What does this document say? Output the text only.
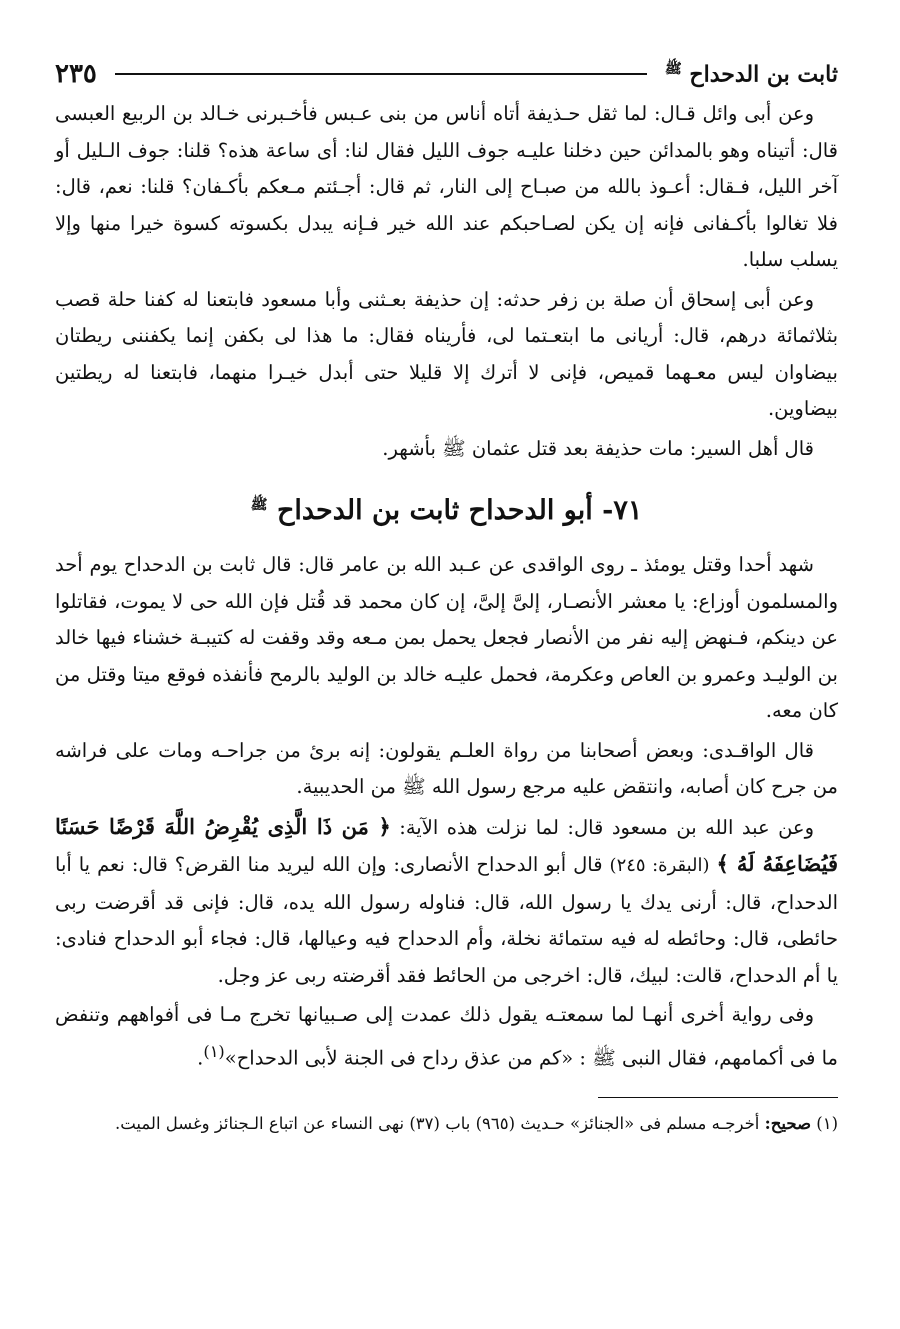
ثابت بن الدحداح $^ﷺ$
٢٣٥

وعن أبى وائل قـال: لما ثقل حـذيفة أتاه أناس من بنى عـبس فأخـبرنى خـالد بن الربيع العبسى قال: أتيناه وهو بالمدائن حين دخلنا عليـه جوف الليل فقال لنا: أى ساعة هذه؟ قلنا: جوف الـليل أو آخر الليل، فـقال: أعـوذ بالله من صبـاح إلى النار، ثم قال: أجـئتم مـعكم بأكـفان؟ قلنا: نعم، قال: فلا تغالوا بأكـفانى فإنه إن يكن لصـاحبكم عند الله خير فـإنه يبدل بكسوته كسوة خيرا منها وإلا يسلب سلبا.

وعن أبى إسحاق أن صلة بن زفر حدثه: إن حذيفة بعـثنى وأبا مسعود فابتعنا له كفنا حلة قصب بثلاثمائة درهم، قال: أريانى ما ابتعـتما لى، فأريناه فقال: ما هذا لى بكفن إنما يكفننى ريطتان بيضاوان ليس معـهما قميص، فإنى لا أترك إلا قليلا حتى أبدل خيـرا منهما، فابتعنا له ريطتين بيضاوين.

قال أهل السير: مات حذيفة بعد قتل عثمان ﷺ بأشهر.

٧١- أبو الدحداح ثابت بن الدحداح $^ﷺ$

شهد أحدا وقتل يومئذ ـ روى الواقدى عن عـبد الله بن عامر قال: قال ثابت بن الدحداح يوم أحد والمسلمون أوزاع: يا معشر الأنصـار، إلىَّ إلىَّ، إن كان محمد قد قُتل فإن الله حى لا يموت، فقاتلوا عن دينكم، فـنهض إليه نفر من الأنصار فجعل يحمل بمن مـعه وقد وقفت له كتيبـة خشناء فيها خالد بن الوليـد وعمرو بن العاص وعكرمة، فحمل عليـه خالد بن الوليد بالرمح فأنفذه فوقع ميتا وقتل من كان معه.

قال الواقـدى: وبعض أصحابنا من رواة العلـم يقولون: إنه برئ من جراحـه ومات على فراشه من جرح كان أصابه، وانتقض عليه مرجع رسول الله ﷺ من الحديبية.

وعن عبد الله بن مسعود قال: لما نزلت هذه الآية: ﴿ مَن ذَا الَّذِى يُقْرِضُ اللَّهَ قَرْضًا حَسَنًا فَيُضَاعِفَهُ لَهُ ﴾ (البقرة: ٢٤٥) قال أبو الدحداح الأنصارى: وإن الله ليريد منا القرض؟ قال: نعم يا أبا الدحداح، قال: أرنى يدك يا رسول الله، قال: فناوله رسول الله يده، قال: فإنى قد أقرضت ربى حائطى، قال: وحائطه له فيه ستمائة نخلة، وأم الدحداح فيه وعيالها، قال: فجاء أبو الدحداح فنادى: يا أم الدحداح، قالت: لبيك، قال: اخرجى من الحائط فقد أقرضته ربى عز وجل.

وفى رواية أخرى أنهـا لما سمعتـه يقول ذلك عمدت إلى صـبيانها تخرج مـا فى أفواههم وتنفض ما فى أكمامهم، فقال النبى ﷺ : «كم من عذق رداح فى الجنة لأبى الدحداح»$^{(١)}$.

(١) صحيح: أخرجـه مسلم فى «الجنائز» حـديث (٩٦٥) باب (٣٧) نهى النساء عن اتباع الـجنائز وغسل الميت.
